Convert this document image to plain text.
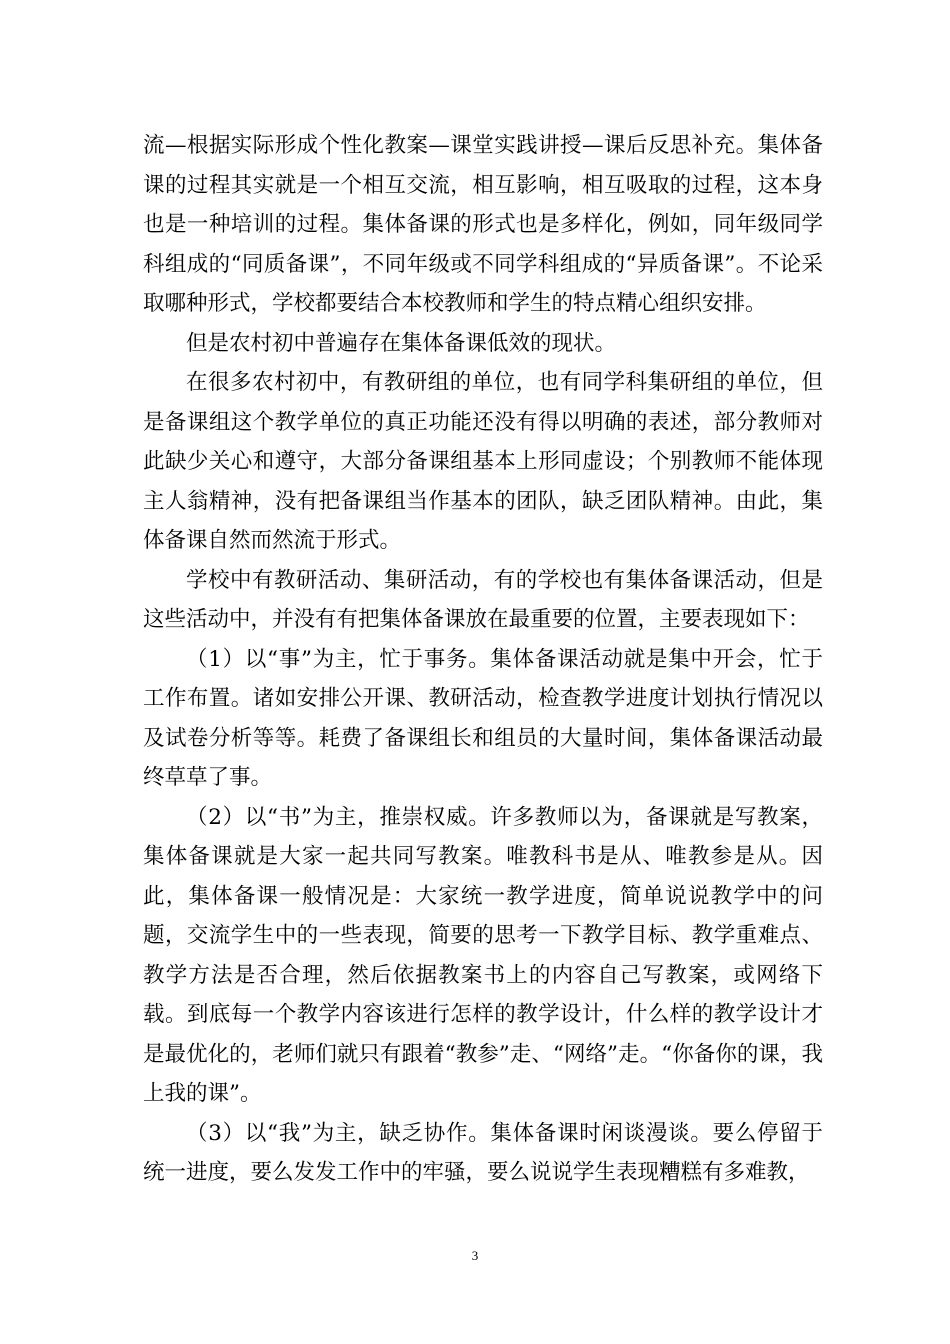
流—根据实际形成个性化教案—课堂实践讲授—课后反思补充。集体备课的过程其实就是一个相互交流，相互影响，相互吸取的过程，这本身也是一种培训的过程。集体备课的形式也是多样化，例如，同年级同学科组成的“同质备课”，不同年级或不同学科组成的“异质备课”。不论采取哪种形式，学校都要结合本校教师和学生的特点精心组织安排。

但是农村初中普遍存在集体备课低效的现状。

在很多农村初中，有教研组的单位，也有同学科集研组的单位，但是备课组这个教学单位的真正功能还没有得以明确的表述，部分教师对此缺少关心和遵守，大部分备课组基本上形同虚设；个别教师不能体现主人翁精神，没有把备课组当作基本的团队，缺乏团队精神。由此，集体备课自然而然流于形式。

学校中有教研活动、集研活动，有的学校也有集体备课活动，但是这些活动中，并没有有把集体备课放在最重要的位置，主要表现如下：

（1）以“事”为主，忙于事务。集体备课活动就是集中开会，忙于工作布置。诸如安排公开课、教研活动，检查教学进度计划执行情况以及试卷分析等等。耗费了备课组长和组员的大量时间，集体备课活动最终草草了事。

（2）以“书”为主，推崇权威。许多教师以为，备课就是写教案，集体备课就是大家一起共同写教案。唯教科书是从、唯教参是从。因此，集体备课一般情况是：大家统一教学进度，简单说说教学中的问题，交流学生中的一些表现，简要的思考一下教学目标、教学重难点、教学方法是否合理，然后依据教案书上的内容自己写教案，或网络下载。到底每一个教学内容该进行怎样的教学设计，什么样的教学设计才是最优化的，老师们就只有跟着“教参”走、“网络”走。“你备你的课，我上我的课”。

（3）以“我”为主，缺乏协作。集体备课时闲谈漫谈。要么停留于统一进度，要么发发工作中的牢骚，要么说说学生表现糟糕有多难教，

3
